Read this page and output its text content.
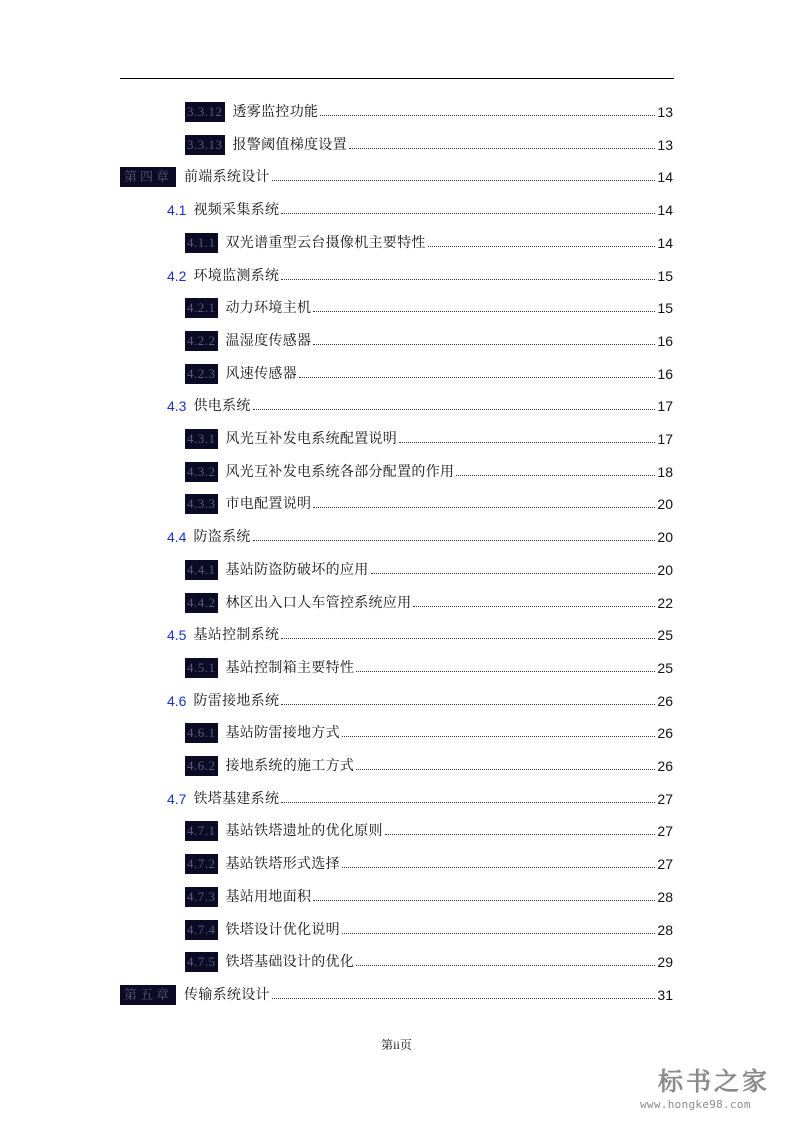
3.3.12 透雾监控功能	13
3.3.13 报警阈值梯度设置	13
第四章 前端系统设计	14
4.1 视频采集系统	14
4.1.1 双光谱重型云台摄像机主要特性	14
4.2 环境监测系统	15
4.2.1 动力环境主机	15
4.2.2 温湿度传感器	16
4.2.3 风速传感器	16
4.3 供电系统	17
4.3.1 风光互补发电系统配置说明	17
4.3.2 风光互补发电系统各部分配置的作用	18
4.3.3 市电配置说明	20
4.4 防盗系统	20
4.4.1 基站防盗防破坏的应用	20
4.4.2 林区出入口人车管控系统应用	22
4.5 基站控制系统	25
4.5.1 基站控制箱主要特性	25
4.6 防雷接地系统	26
4.6.1 基站防雷接地方式	26
4.6.2 接地系统的施工方式	26
4.7 铁塔基建系统	27
4.7.1 基站铁塔遗址的优化原则	27
4.7.2 基站铁塔形式选择	27
4.7.3 基站用地面积	28
4.7.4 铁塔设计优化说明	28
4.7.5 铁塔基础设计的优化	29
第五章 传输系统设计	31
第ii页
标书之家
www.hongke98.com
